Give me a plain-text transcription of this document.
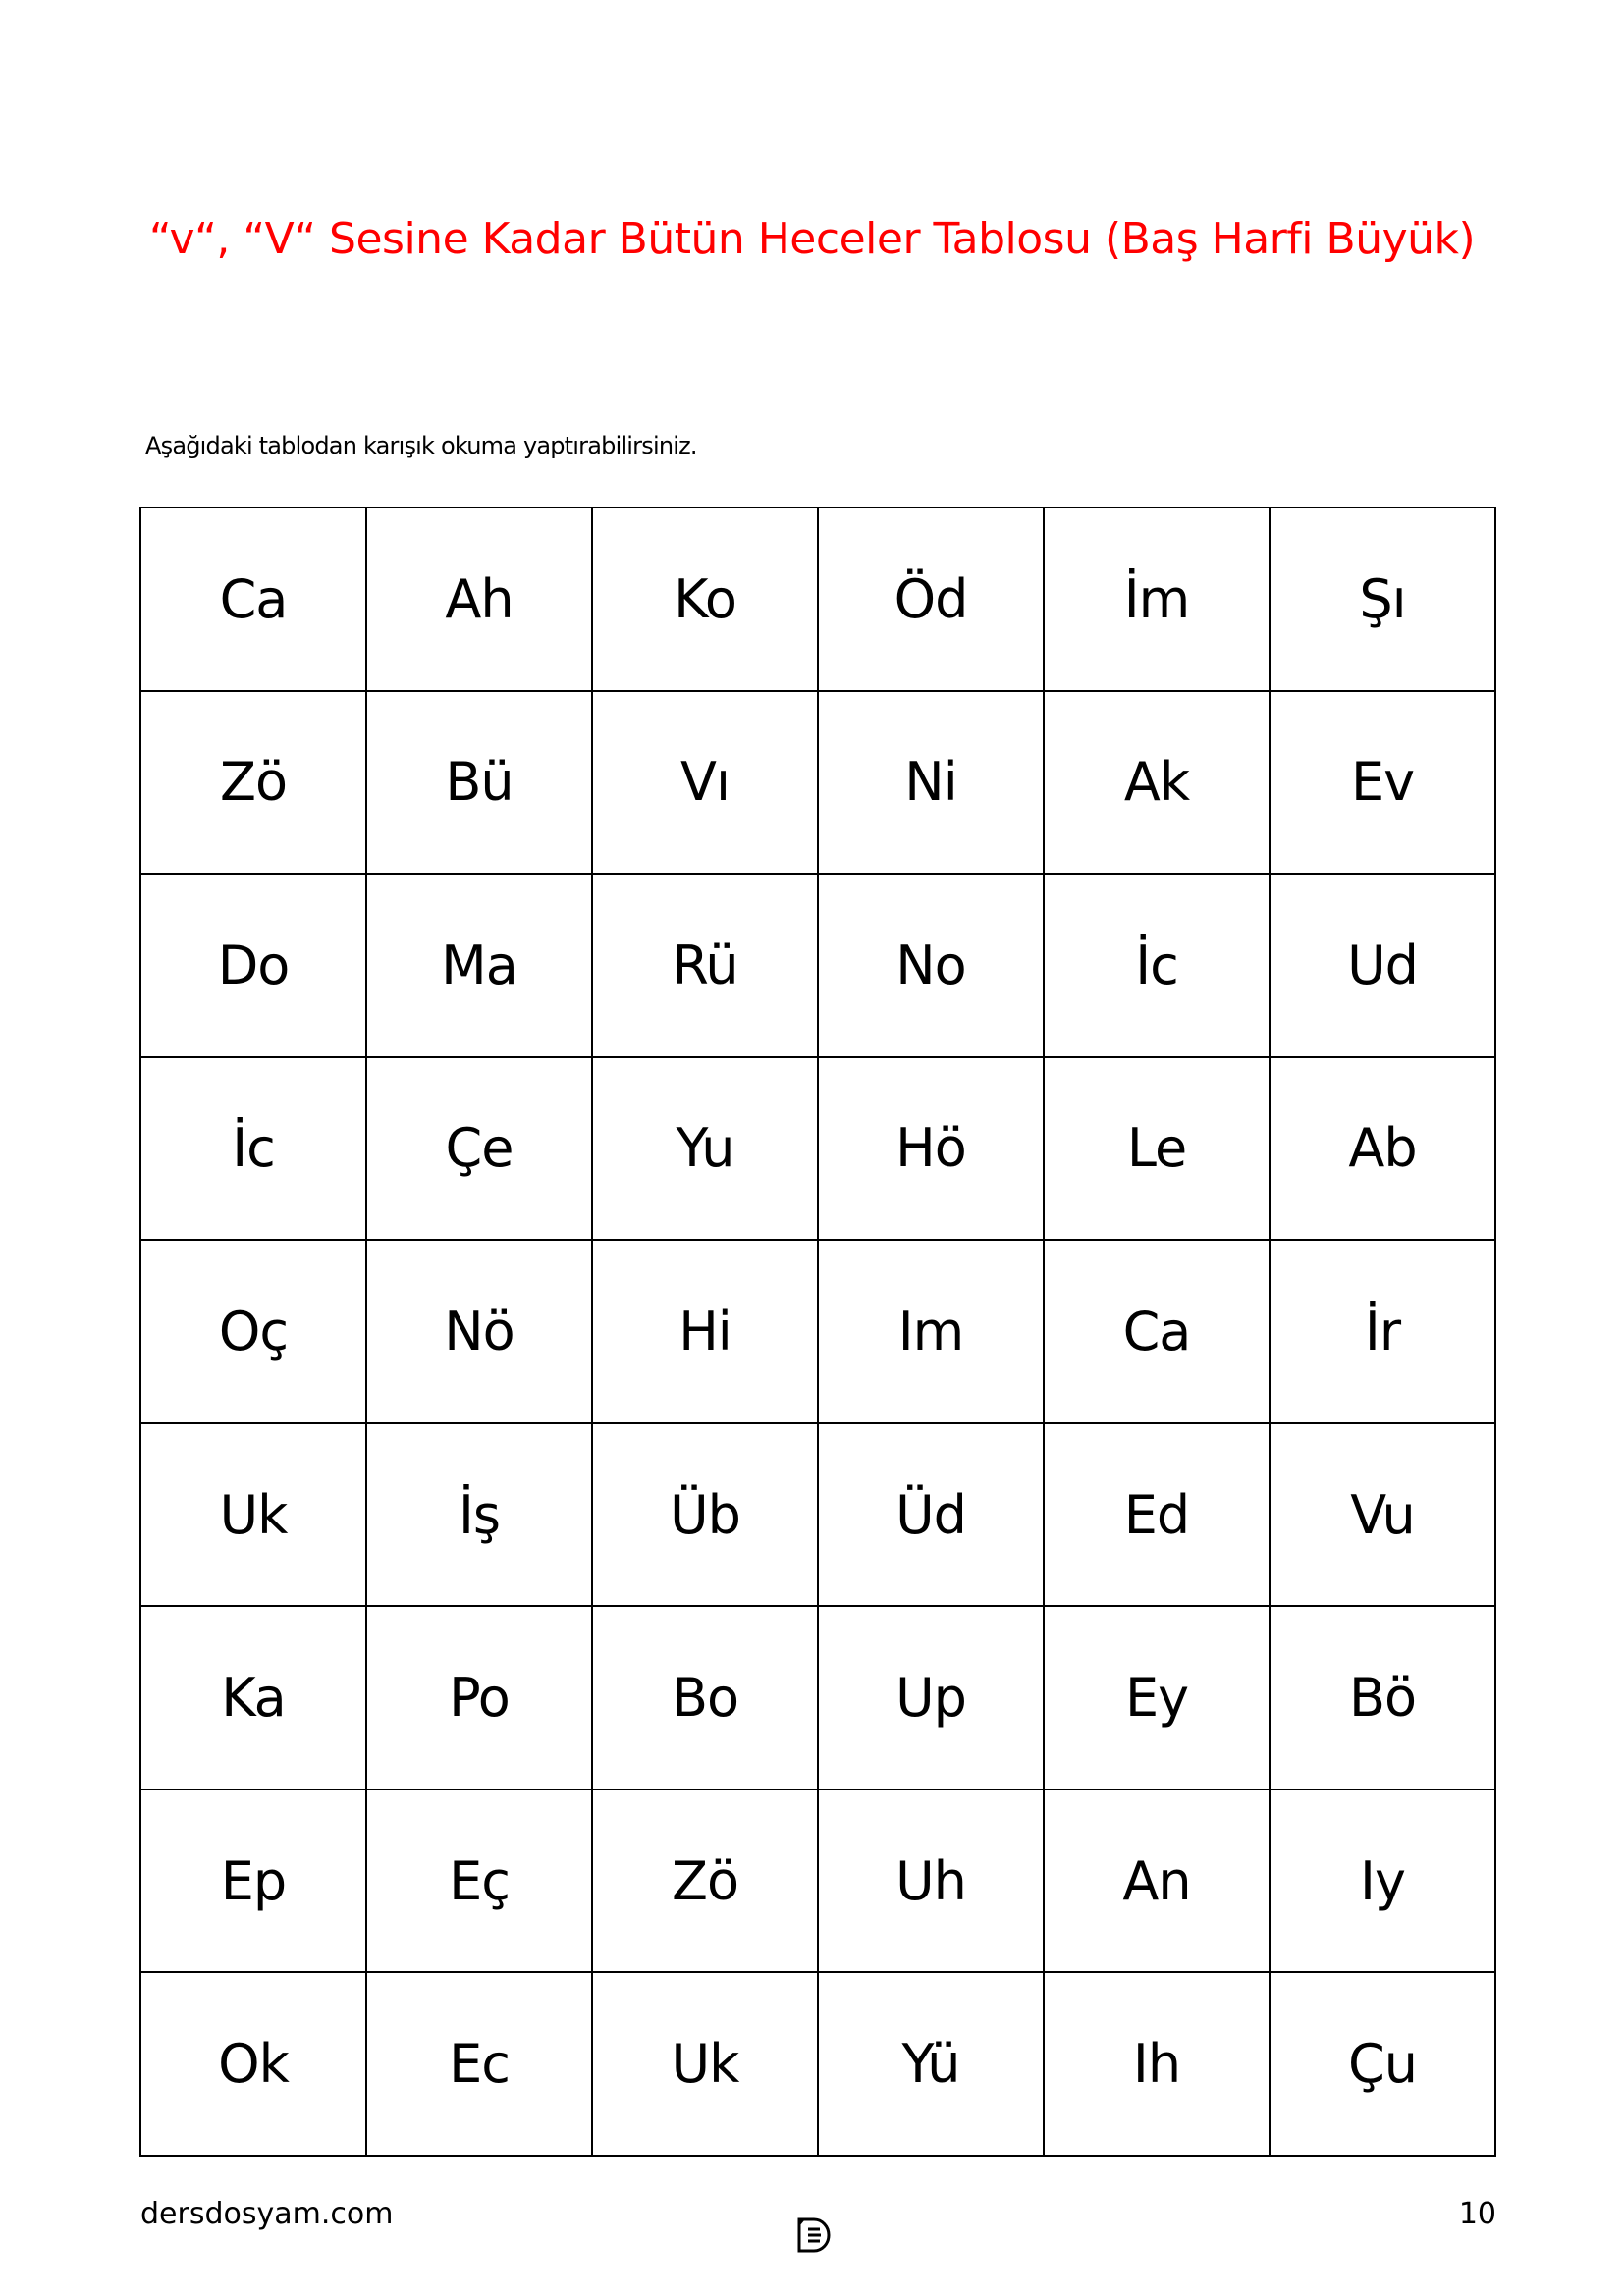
“v“, “V“ Sesine Kadar Bütün Heceler Tablosu (Baş Harfi Büyük)
Aşağıdaki tablodan karışık okuma yaptırabilirsiniz.
Ca	Ah	Ko	Öd	İm	Şı
Zö	Bü	Vı	Ni	Ak	Ev
Do	Ma	Rü	No	İc	Ud
İc	Çe	Yu	Hö	Le	Ab
Oç	Nö	Hi	Im	Ca	İr
Uk	İş	Üb	Üd	Ed	Vu
Ka	Po	Bo	Up	Ey	Bö
Ep	Eç	Zö	Uh	An	Iy
Ok	Ec	Uk	Yü	Ih	Çu
dersdosyam.com	10
